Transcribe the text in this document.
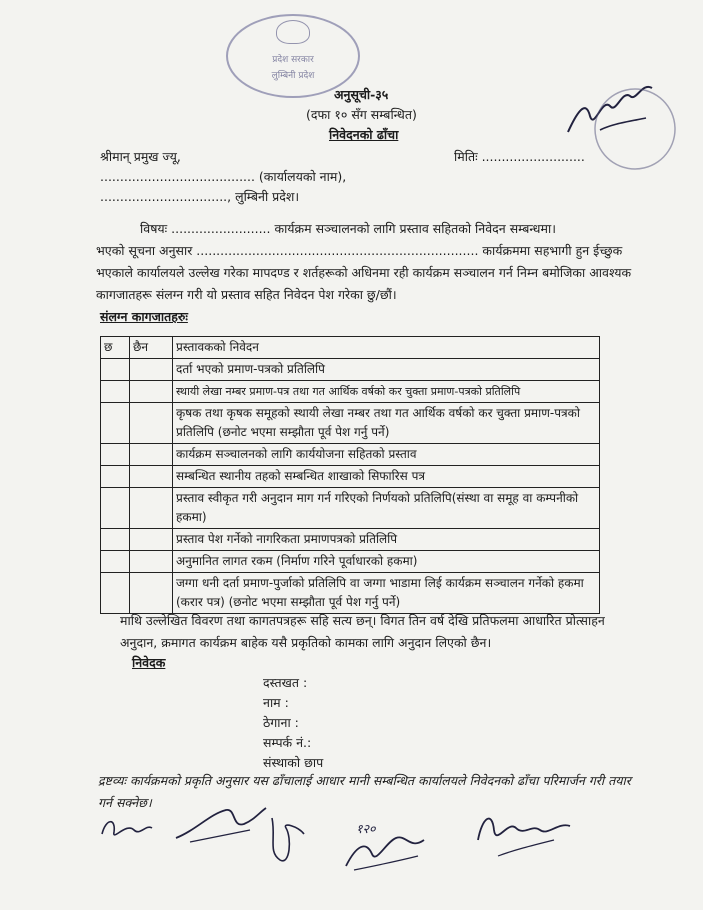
प्रदेश सरकार
लुम्बिनी प्रदेश
अनुसूची-३५
(दफा १० सँग सम्बन्धित)
निवेदनको ढाँचा
श्रीमान् प्रमुख ज्यू,	मितिः ..........................
....................................... (कार्यालयको नाम),
................................, लुम्बिनी प्रदेश।
विषयः ......................... कार्यक्रम सञ्चालनको लागि प्रस्ताव सहितको निवेदन सम्बन्धमा।
भएको सूचना अनुसार ....................................................................... कार्यक्रममा सहभागी हुन ईच्छुक भएकाले कार्यालयले उल्लेख गरेका मापदण्ड र शर्तहरूको अधिनमा रही कार्यक्रम सञ्चालन गर्न निम्न बमोजिका आवश्यक कागजातहरू संलग्न गरी यो प्रस्ताव सहित निवेदन पेश गरेका छु/छौं।
संलग्न कागजातहरुः
छ	छैन	प्रस्तावकको निवेदन
		दर्ता भएको प्रमाण-पत्रको प्रतिलिपि
		स्थायी लेखा नम्बर प्रमाण-पत्र तथा गत आर्थिक वर्षको कर चुक्ता प्रमाण-पत्रको प्रतिलिपि
		कृषक तथा कृषक समूहको स्थायी लेखा नम्बर तथा गत आर्थिक वर्षको कर चुक्ता प्रमाण-पत्रको प्रतिलिपि (छनोट भएमा सम्झौता पूर्व पेश गर्नु पर्ने)
		कार्यक्रम सञ्चालनको लागि कार्ययोजना सहितको प्रस्ताव
		सम्बन्धित स्थानीय तहको सम्बन्धित शाखाको सिफारिस पत्र
		प्रस्ताव स्वीकृत गरी अनुदान माग गर्न गरिएको निर्णयको प्रतिलिपि(संस्था वा समूह वा कम्पनीको हकमा)
		प्रस्ताव पेश गर्नेको नागरिकता प्रमाणपत्रको प्रतिलिपि
		अनुमानित लागत रकम (निर्माण गरिने पूर्वाधारको हकमा)
		जग्गा धनी दर्ता प्रमाण-पुर्जाको प्रतिलिपि वा जग्गा भाडामा लिई कार्यक्रम सञ्चालन गर्नेको हकमा (करार पत्र) (छनोट भएमा सम्झौता पूर्व पेश गर्नु पर्ने)
माथि उल्लेखित विवरण तथा कागतपत्रहरू सहि सत्य छन्। विगत तिन वर्ष देखि प्रतिफलमा आधारित प्रोत्साहन अनुदान, क्रमागत कार्यक्रम बाहेक यसै प्रकृतिको कामका लागि अनुदान लिएको छैन।
निवेदक
दस्तखत :
नाम :
ठेगाना :
सम्पर्क नं.:
संस्थाको छाप
द्रष्टव्यः कार्यक्रमको प्रकृति अनुसार यस ढाँचालाई आधार मानी सम्बन्धित कार्यालयले निवेदनको ढाँचा परिमार्जन गरी तयार गर्न सक्नेछ।
१२०
